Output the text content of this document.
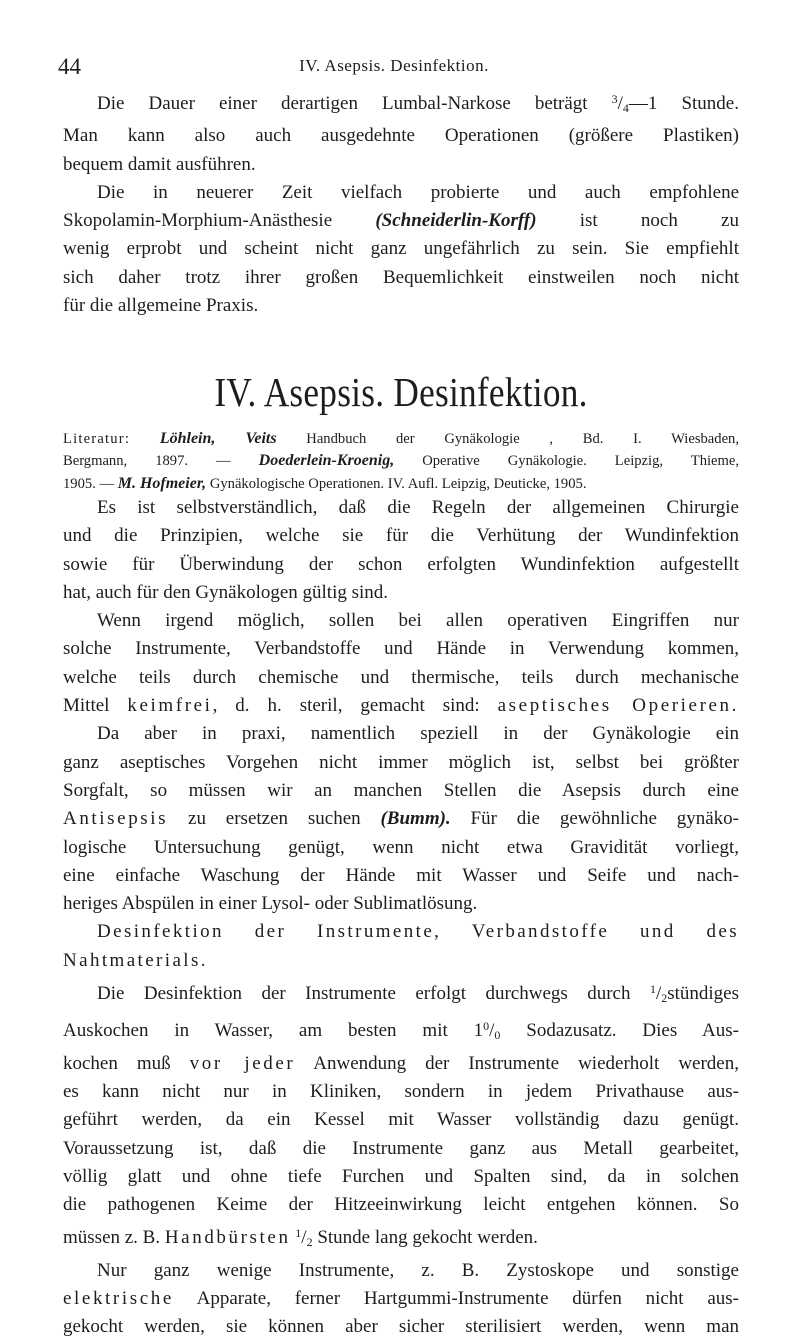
44	IV. Asepsis. Desinfektion.

Die Dauer einer derartigen Lumbal-Narkose beträgt $^3/_4—1$ Stunde.
Man kann also auch ausgedehnte Operationen (größere Plastiken)

bequem damit ausführen.

Die in neuerer Zeit vielfach probierte und auch empfohlene
Skopolamin-Morphium-Anästhesie (Schneiderlin-Korff) ist noch zu
wenig erprobt und scheint nicht ganz ungefährlich zu sein. Sie empfiehlt
sich daher trotz ihrer großen Bequemlichkeit einstweilen noch nicht

für die allgemeine Praxis.

IV. Asepsis. Desinfektion.
Literatur: Löhlein, Veits Handbuch der Gynäkologie , Bd. I. Wiesbaden,
Bergmann, 1897. — Doederlein-Kroenig, Operative Gynäkologie. Leipzig, Thieme,
1905. — M. Hofmeier, Gynäkologische Operationen. IV. Aufl. Leipzig, Deuticke, 1905.

Es ist selbstverständlich, daß die Regeln der allgemeinen Chirurgie
und die Prinzipien, welche sie für die Verhütung der Wundinfektion
sowie für Überwindung der schon erfolgten Wundinfektion aufgestellt

hat, auch für den Gynäkologen gültig sind.

Wenn irgend möglich, sollen bei allen operativen Eingriffen nur
solche Instrumente, Verbandstoffe und Hände in Verwendung kommen,
welche teils durch chemische und thermische, teils durch mechanische
Mittel keimfrei, d. h. steril, gemacht sind: aseptisches Operieren.
Da aber in praxi, namentlich speziell in der Gynäkologie ein
ganz aseptisches Vorgehen nicht immer möglich ist, selbst bei größter
Sorgfalt, so müssen wir an manchen Stellen die Asepsis durch eine
Antisepsis zu ersetzen suchen (Bumm). Für die gewöhnliche gynäko-
logische Untersuchung genügt, wenn nicht etwa Gravidität vorliegt,
eine einfache Waschung der Hände mit Wasser und Seife und nach-

heriges Abspülen in einer Lysol- oder Sublimatlösung.

Desinfektion der Instrumente, Verbandstoffe und des

Nahtmaterials.

Die Desinfektion der Instrumente erfolgt durchwegs durch $^1/_2stündiges$
Auskochen in Wasser, am besten mit $1^0/_0$ Sodazusatz. Dies Aus-
kochen muß vor jeder Anwendung der Instrumente wiederholt werden,
es kann nicht nur in Kliniken, sondern in jedem Privathause aus-
geführt werden, da ein Kessel mit Wasser vollständig dazu genügt.
Voraussetzung ist, daß die Instrumente ganz aus Metall gearbeitet,
völlig glatt und ohne tiefe Furchen und Spalten sind, da in solchen
die pathogenen Keime der Hitzeeinwirkung leicht entgehen können. So

müssen z. B. Handbürsten $^1/_2$ Stunde lang gekocht werden.

Nur ganz wenige Instrumente, z. B. Zystoskope und sonstige
elektrische Apparate, ferner Hartgummi-Instrumente dürfen nicht aus-
gekocht werden, sie können aber sicher sterilisiert werden, wenn man
